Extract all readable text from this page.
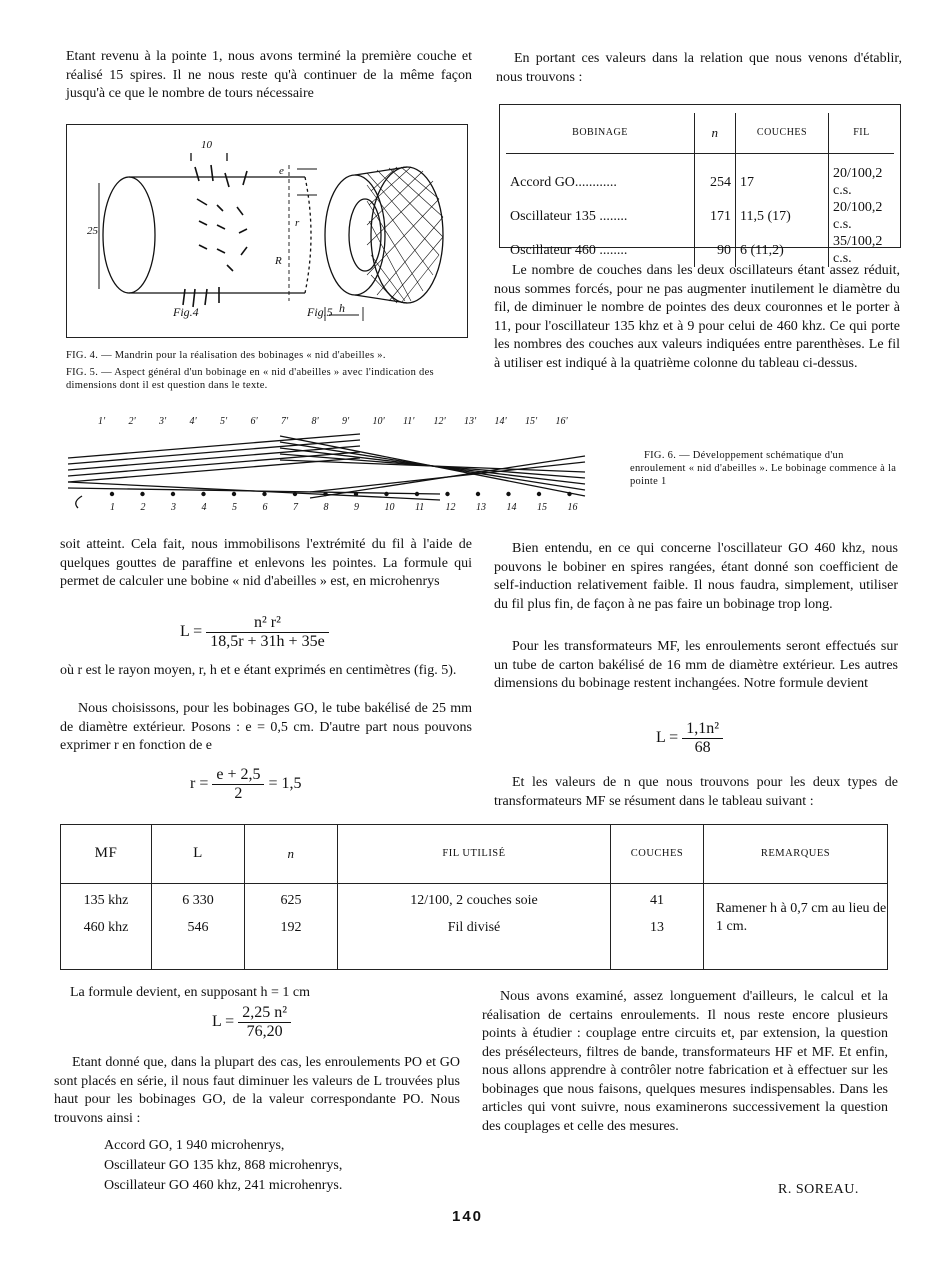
Etant revenu à la pointe 1, nous avons terminé la première couche et réalisé 15 spires. Il ne nous reste qu'à continuer de la même façon jusqu'à ce que le nombre de tours nécessaire

10
25
e
r
R
h
Fig.4	Fig.5
FIG. 4. — Mandrin pour la réalisation des bobinages « nid d'abeilles ».
FIG. 5. — Aspect général d'un bobinage en « nid d'abeilles » avec l'indication des dimensions dont il est question dans le texte.

En portant ces valeurs dans la relation que nous venons d'établir, nous trouvons :

BOBINAGE	n	COUCHES	FIL

Accord GO............	254	17	20/100,2 c.s.
Oscillateur 135 ........	171	11,5 (17)	20/100,2 c.s.
Oscillateur 460 ........	90	6 (11,2)	35/100,2 c.s.

Le nombre de couches dans les deux oscillateurs étant assez réduit, nous sommes forcés, pour ne pas augmenter inutilement le diamètre du fil, de diminuer le nombre de pointes des deux couronnes et le porter à 11, pour l'oscillateur 135 khz et à 9 pour celui de 460 khz. Ce qui porte les nombres des couches aux valeurs indiquées entre parenthèses. Le fil à utiliser est indiqué à la quatrième colonne du tableau ci-dessus.

1' 2' 3' 4' 5' 6' 7' 8' 9' 10' 11' 12' 13' 14' 15' 16'
1	2	3	4	5	6	7	8	9	10 11 12 13 14 15 16
FIG. 6. — Développement schématique d'un enroulement « nid d'abeilles ». Le bobinage commence à la pointe 1

soit atteint. Cela fait, nous immobilisons l'extrémité du fil à l'aide de quelques gouttes de paraffine et enlevons les pointes. La formule qui permet de calculer une bobine « nid d'abeilles » est, en microhenrys

$L = \frac{\text{n² r²}}{18,5r + 31h + 35e}$

où r est le rayon moyen, r, h et e étant exprimés en centimètres (fig. 5).

Nous choisissons, pour les bobinages GO, le tube bakélisé de 25 mm de diamètre extérieur. Posons : e = 0,5 cm. D'autre part nous pouvons exprimer r en fonction de e

$r = \frac{e + 2,5}{2} = 1,5$

Bien entendu, en ce qui concerne l'oscillateur GO 460 khz, nous pouvons le bobiner en spires rangées, étant donné son coefficient de self-induction relativement faible. Il nous faudra, simplement, utiliser du fil plus fin, de façon à ne pas faire un bobinage trop long.

Pour les transformateurs MF, les enroulements seront effectués sur un tube de carton bakélisé de 16 mm de diamètre extérieur. Les autres dimensions du bobinage restent inchangées. Notre formule devient

$L = \frac{\text{1,1n²}}{68}$

Et les valeurs de n que nous trouvons pour les deux types de transformateurs MF se résument dans le tableau suivant :

MF	L	n	FIL UTILISÉ	COUCHES	REMARQUES
135 khz	6 330	625	12/100, 2 couches soie	41	Ramener h à 0,7 cm au lieu de 1 cm.
460 khz	546	192	Fil divisé	13	

La formule devient, en supposant h = 1 cm

$L = \frac{\text{2,25 n²}}{76,20}$

Etant donné que, dans la plupart des cas, les enroulements PO et GO sont placés en série, il nous faut diminuer les valeurs de L trouvées plus haut pour les bobinages GO, de la valeur correspondante PO. Nous trouvons ainsi :

Accord GO, 1 940 microhenrys,
Oscillateur GO 135 khz, 868 microhenrys,
Oscillateur GO 460 khz, 241 microhenrys.

Nous avons examiné, assez longuement d'ailleurs, le calcul et la réalisation de certains enroulements. Il nous reste encore plusieurs points à étudier : couplage entre circuits et, par extension, la question des présélecteurs, filtres de bande, transformateurs HF et MF. Et enfin, nous allons apprendre à contrôler notre fabrication et à effectuer sur les bobinages que nous faisons, quelques mesures indispensables. Dans les articles qui vont suivre, nous examinerons successivement la question des couplages et celle des mesures.

R. SOREAU.
140
